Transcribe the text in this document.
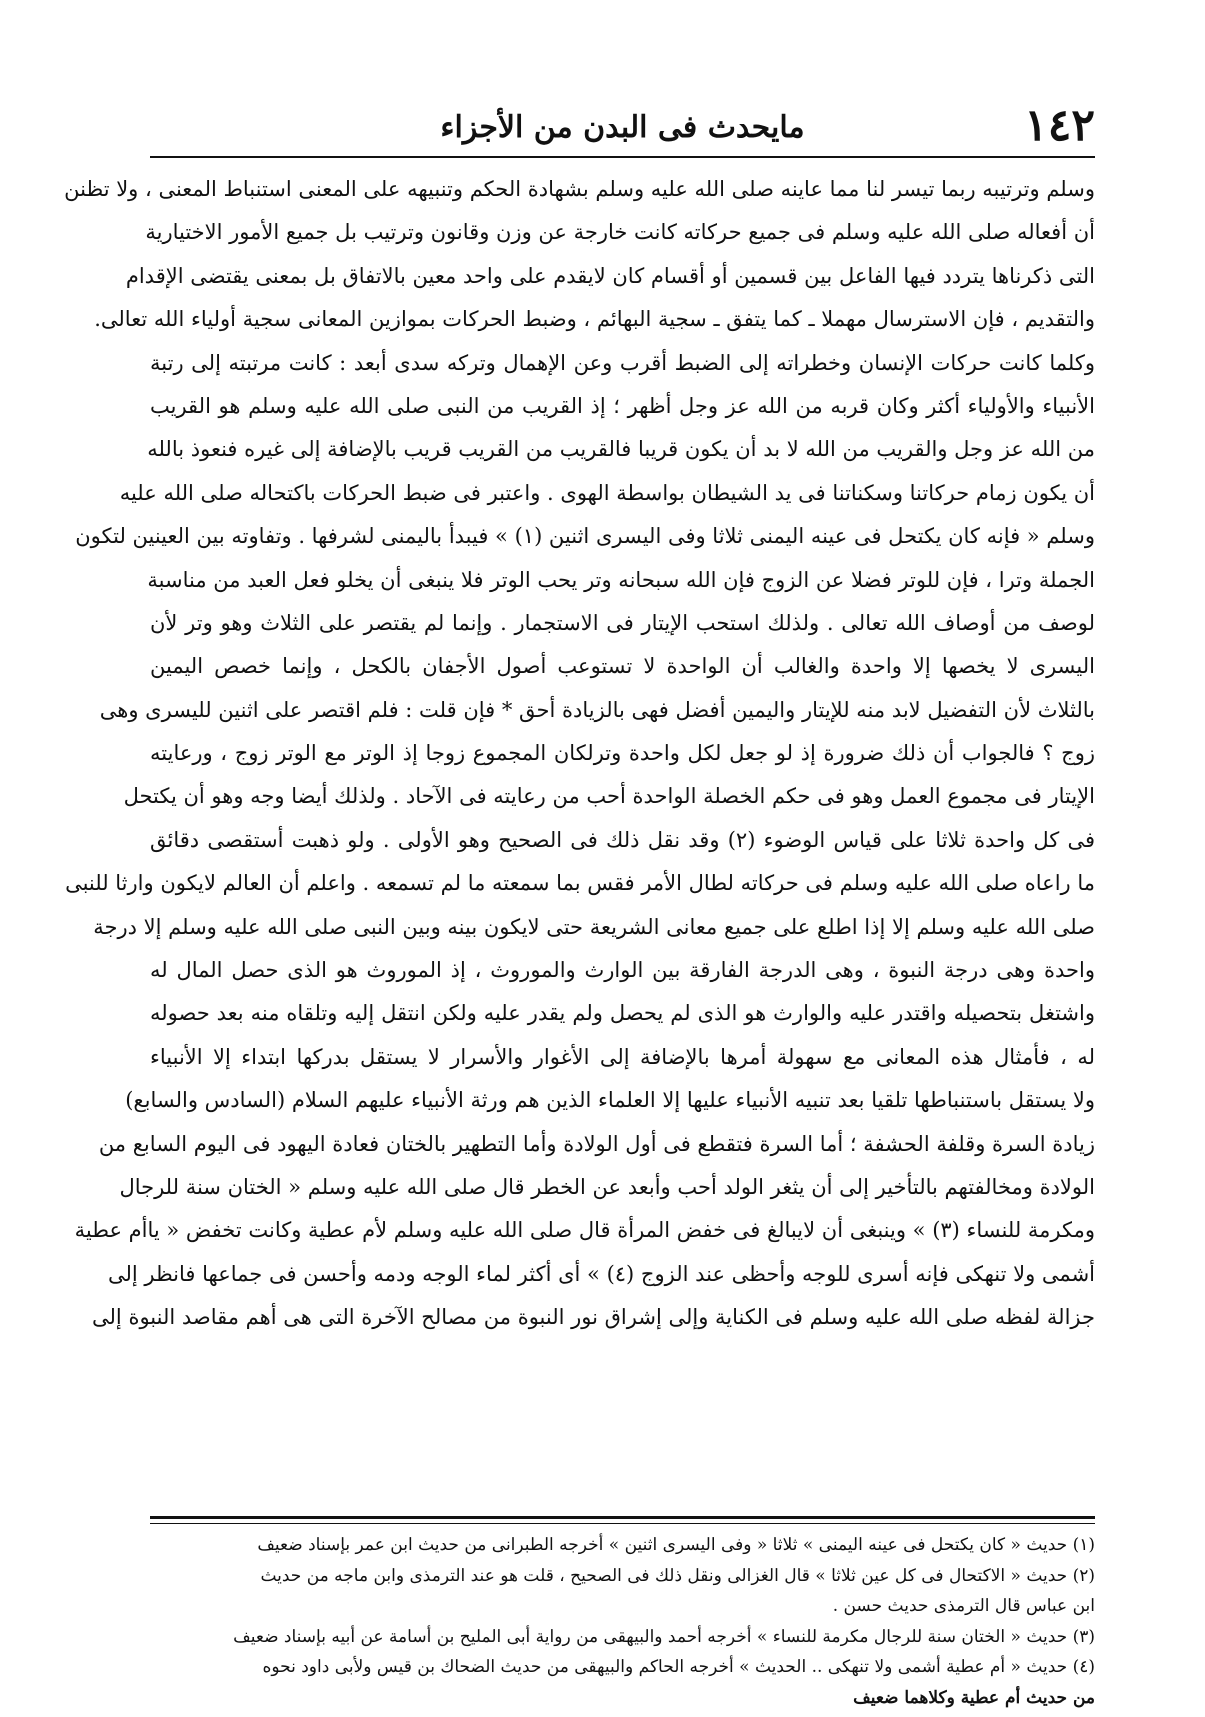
١٤٢
مايحدث فى البدن من الأجزاء
وسلم وترتيبه ربما تيسر لنا مما عاينه صلى الله عليه وسلم بشهادة الحكم وتنبيهه على المعنى استنباط المعنى ، ولا تظنن
أن أفعاله صلى الله عليه وسلم فى جميع حركاته كانت خارجة عن وزن وقانون وترتيب بل جميع الأمور الاختيارية
التى ذكرناها يتردد فيها الفاعل بين قسمين أو أقسام كان لايقدم على واحد معين بالاتفاق بل بمعنى يقتضى الإقدام
والتقديم ، فإن الاسترسال مهملا ـ كما يتفق ـ سجية البهائم ، وضبط الحركات بموازين المعانى سجية أولياء الله تعالى.
وكلما كانت حركات الإنسان وخطراته إلى الضبط أقرب وعن الإهمال وتركه سدى أبعد : كانت مرتبته إلى رتبة
الأنبياء والأولياء أكثر وكان قربه من الله عز وجل أظهر ؛ إذ القريب من النبى صلى الله عليه وسلم هو القريب
من الله عز وجل والقريب من الله لا بد أن يكون قريبا فالقريب من القريب قريب بالإضافة إلى غيره فنعوذ بالله
أن يكون زمام حركاتنا وسكناتنا فى يد الشيطان بواسطة الهوى . واعتبر فى ضبط الحركات باكتحاله صلى الله عليه
وسلم « فإنه كان يكتحل فى عينه اليمنى ثلاثا وفى اليسرى اثنين (١) » فيبدأ باليمنى لشرفها . وتفاوته بين العينين لتكون
الجملة وترا ، فإن للوتر فضلا عن الزوج فإن الله سبحانه وتر يحب الوتر فلا ينبغى أن يخلو فعل العبد من مناسبة
لوصف من أوصاف الله تعالى . ولذلك استحب الإيتار فى الاستجمار . وإنما لم يقتصر على الثلاث وهو وتر لأن
اليسرى لا يخصها إلا واحدة والغالب أن الواحدة لا تستوعب أصول الأجفان بالكحل ، وإنما خصص اليمين
بالثلاث لأن التفضيل لابد منه للإيتار واليمين أفضل فهى بالزيادة أحق * فإن قلت : فلم اقتصر على اثنين لليسرى وهى
زوج ؟ فالجواب أن ذلك ضرورة إذ لو جعل لكل واحدة وترلكان المجموع زوجا إذ الوتر مع الوتر زوج ، ورعايته
الإيتار فى مجموع العمل وهو فى حكم الخصلة الواحدة أحب من رعايته فى الآحاد . ولذلك أيضا وجه وهو أن يكتحل
فى كل واحدة ثلاثا على قياس الوضوء (٢) وقد نقل ذلك فى الصحيح وهو الأولى . ولو ذهبت أستقصى دقائق
ما راعاه صلى الله عليه وسلم فى حركاته لطال الأمر فقس بما سمعته ما لم تسمعه . واعلم أن العالم لايكون وارثا للنبى
صلى الله عليه وسلم إلا إذا اطلع على جميع معانى الشريعة حتى لايكون بينه وبين النبى صلى الله عليه وسلم إلا درجة
واحدة وهى درجة النبوة ، وهى الدرجة الفارقة بين الوارث والموروث ، إذ الموروث هو الذى حصل المال له
واشتغل بتحصيله واقتدر عليه والوارث هو الذى لم يحصل ولم يقدر عليه ولكن انتقل إليه وتلقاه منه بعد حصوله
له ، فأمثال هذه المعانى مع سهولة أمرها بالإضافة إلى الأغوار والأسرار لا يستقل بدركها ابتداء إلا الأنبياء
ولا يستقل باستنباطها تلقيا بعد تنبيه الأنبياء عليها إلا العلماء الذين هم ورثة الأنبياء عليهم السلام (السادس والسابع)
زيادة السرة وقلفة الحشفة ؛ أما السرة فتقطع فى أول الولادة وأما التطهير بالختان فعادة اليهود فى اليوم السابع من
الولادة ومخالفتهم بالتأخير إلى أن يثغر الولد أحب وأبعد عن الخطر قال صلى الله عليه وسلم « الختان سنة للرجال
ومكرمة للنساء (٣) » وينبغى أن لايبالغ فى خفض المرأة قال صلى الله عليه وسلم لأم عطية وكانت تخفض « ياأم عطية
أشمى ولا تنهكى فإنه أسرى للوجه وأحظى عند الزوج (٤) » أى أكثر لماء الوجه ودمه وأحسن فى جماعها فانظر إلى
جزالة لفظه صلى الله عليه وسلم فى الكناية وإلى إشراق نور النبوة من مصالح الآخرة التى هى أهم مقاصد النبوة إلى
(١) حديث « كان يكتحل فى عينه اليمنى » ثلاثا « وفى اليسرى اثنين » أخرجه الطبرانى من حديث ابن عمر بإسناد ضعيف
(٢) حديث « الاكتحال فى كل عين ثلاثا » قال الغزالى ونقل ذلك فى الصحيح ، قلت هو عند الترمذى وابن ماجه من حديث
ابن عباس قال الترمذى حديث حسن .
(٣) حديث « الختان سنة للرجال مكرمة للنساء » أخرجه أحمد والبيهقى من رواية أبى المليح بن أسامة عن أبيه بإسناد ضعيف
(٤) حديث « أم عطية أشمى ولا تنهكى .. الحديث » أخرجه الحاكم والبيهقى من حديث الضحاك بن قيس ولأبى داود نحوه
من حديث أم عطية وكلاهما ضعيف
